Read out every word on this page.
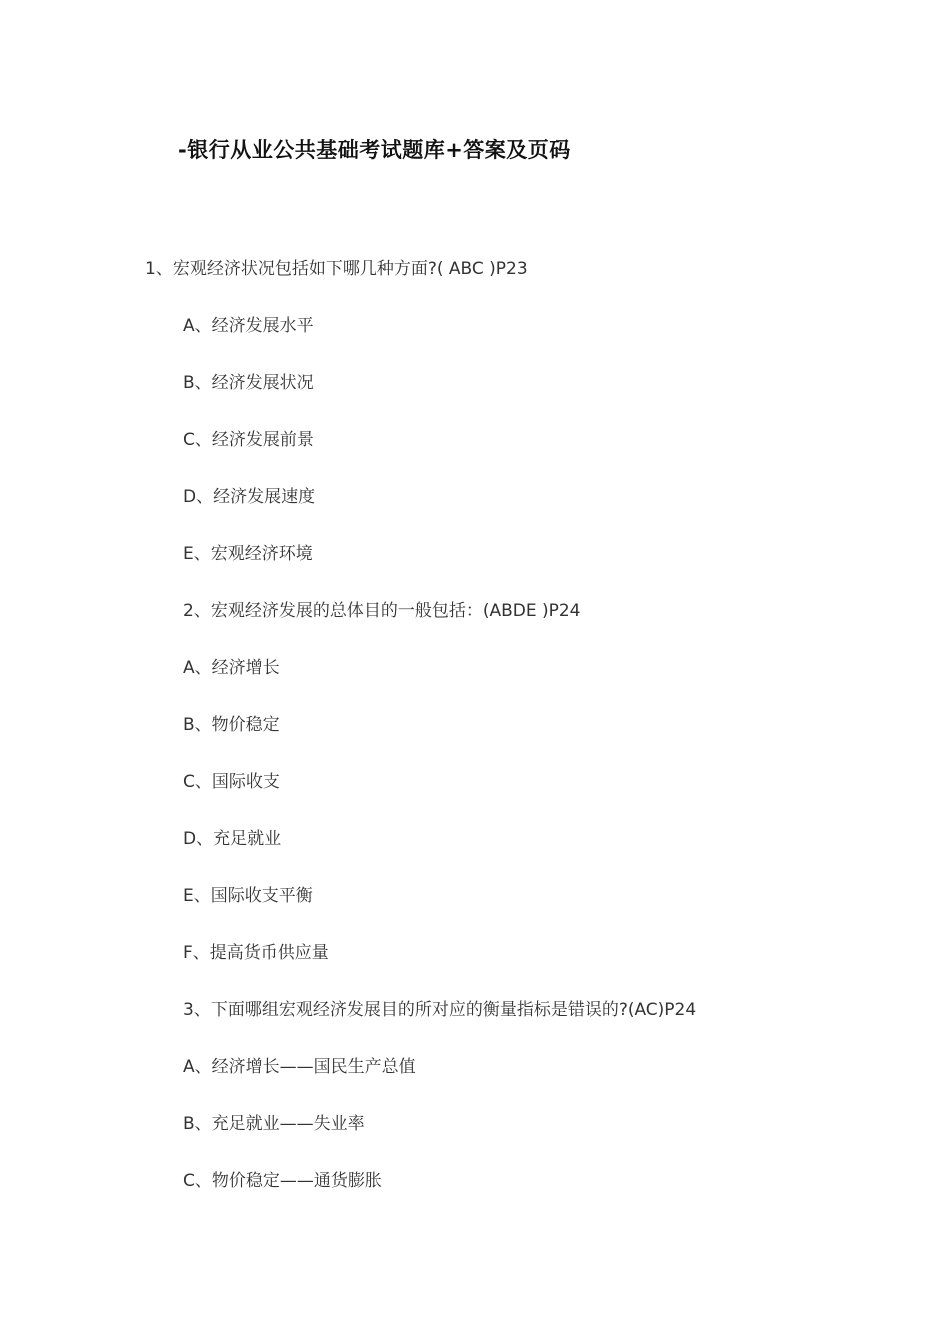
-银行从业公共基础考试题库+答案及页码
1、宏观经济状况包括如下哪几种方面?( ABC )P23
A、经济发展水平
B、经济发展状况
C、经济发展前景
D、经济发展速度
E、宏观经济环境
2、宏观经济发展的总体目的一般包括：(ABDE )P24
A、经济增长
B、物价稳定
C、国际收支
D、充足就业
E、国际收支平衡
F、提高货币供应量
3、下面哪组宏观经济发展目的所对应的衡量指标是错误的?(AC)P24
A、经济增长——国民生产总值
B、充足就业——失业率
C、物价稳定——通货膨胀
